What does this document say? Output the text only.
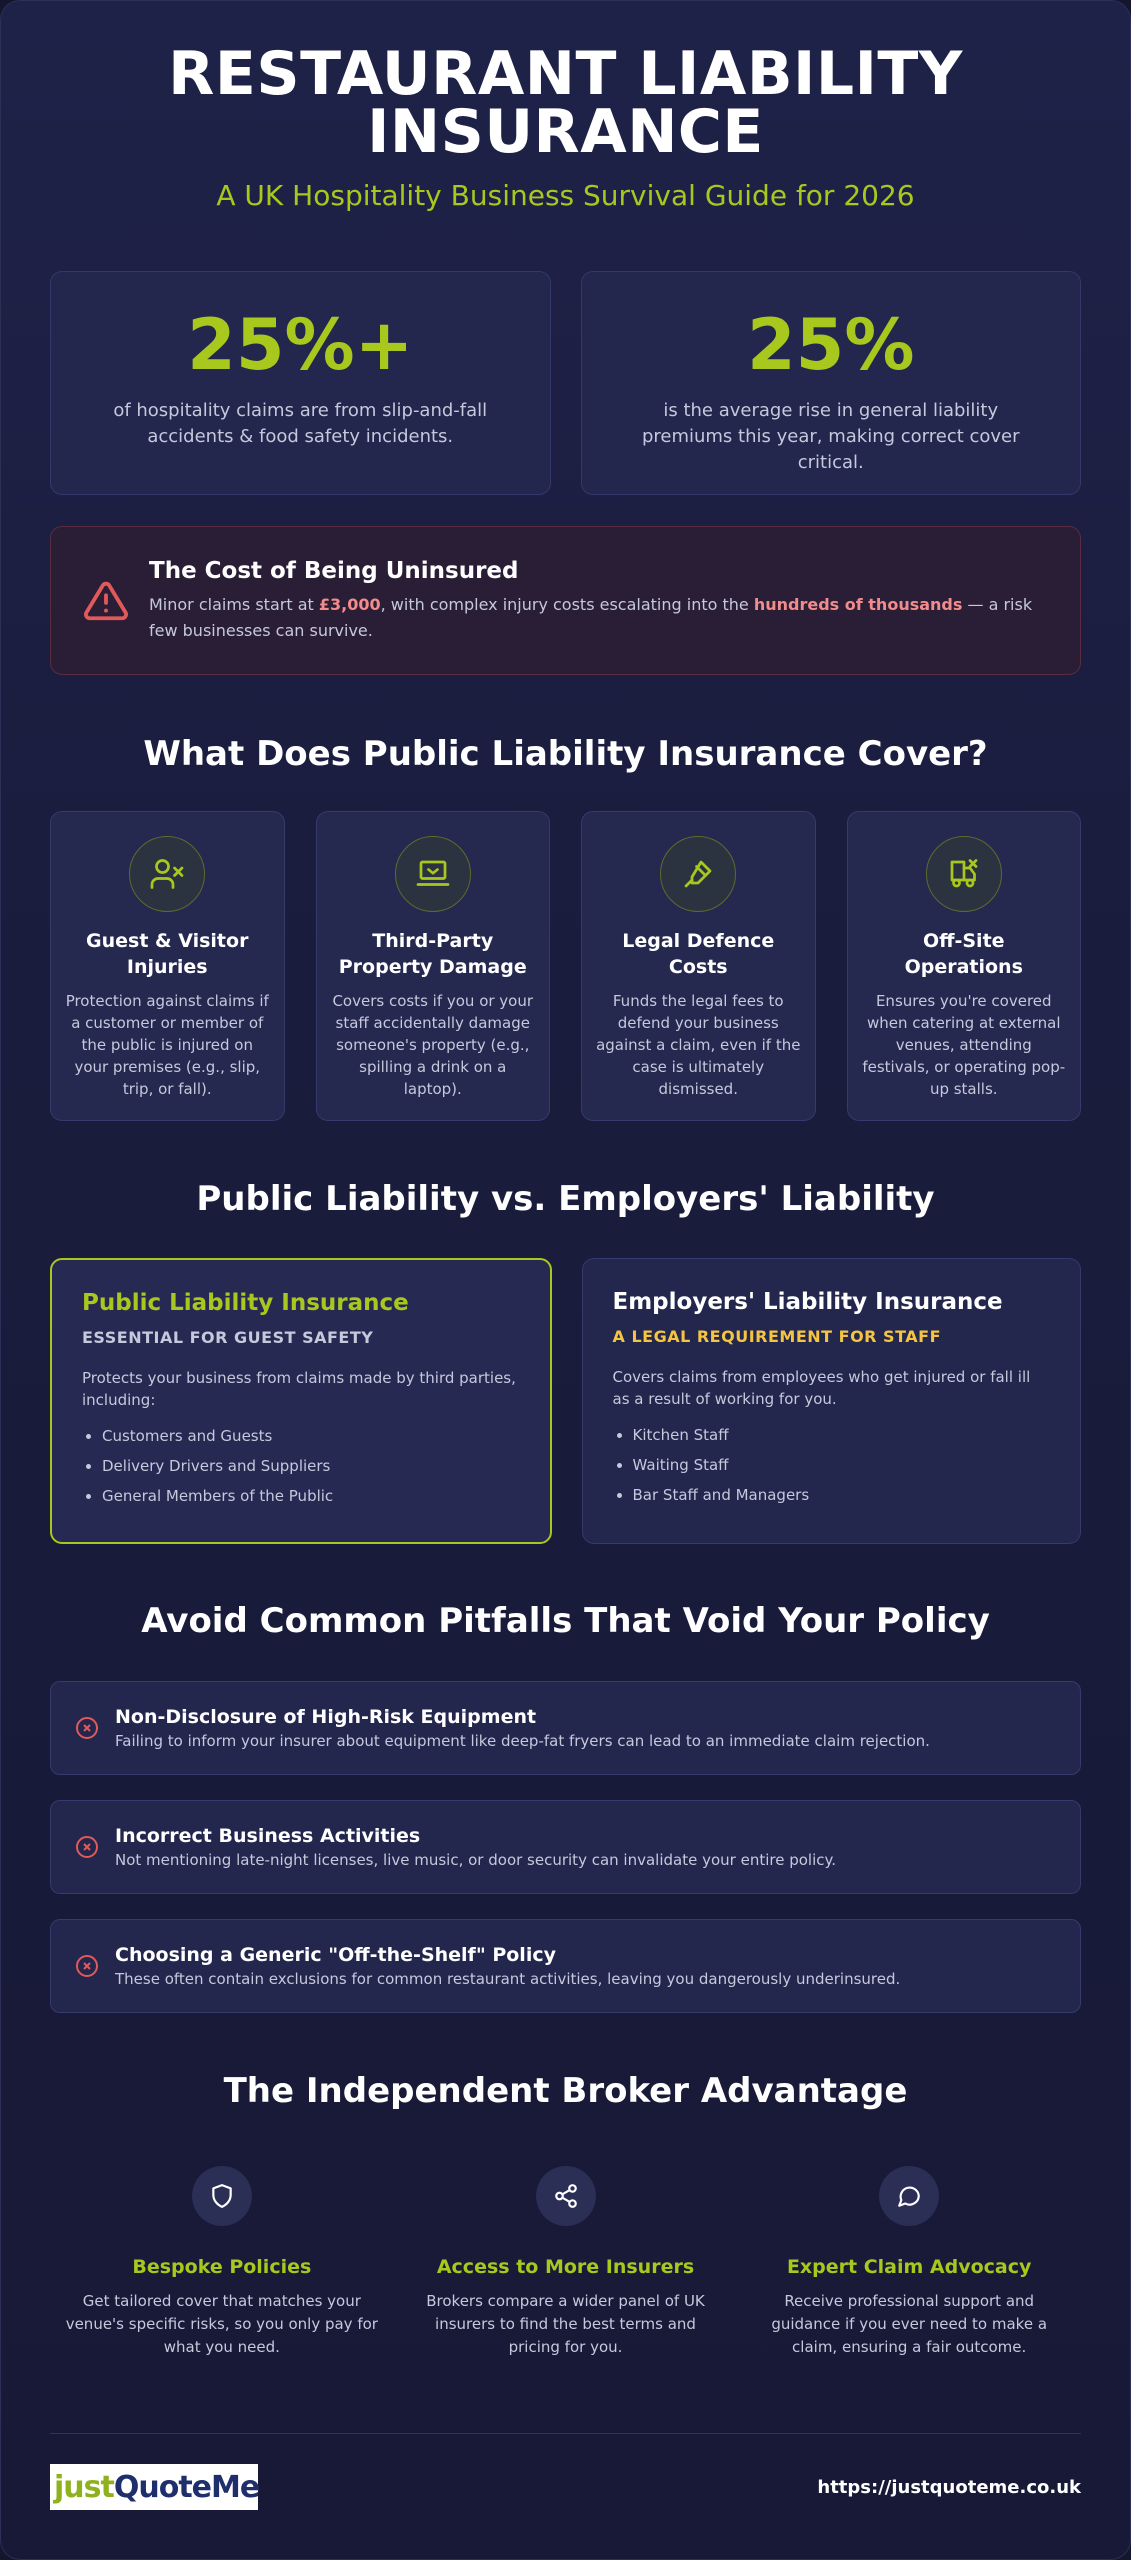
RESTAURANT LIABILITY
INSURANCE
A UK Hospitality Business Survival Guide for 2026
25%+
of hospitality claims are from slip-and-fall accidents & food safety incidents.
25%
is the average rise in general liability premiums this year, making correct cover critical.
The Cost of Being Uninsured

Minor claims start at £3,000, with complex injury costs escalating into the hundreds of thousands — a risk few businesses can survive.

What Does Public Liability Insurance Cover?
Guest & Visitor Injuries

Protection against claims if a customer or member of the public is injured on your premises (e.g., slip, trip, or fall).

Third-Party Property Damage

Covers costs if you or your staff accidentally damage someone's property (e.g., spilling a drink on a laptop).

Legal Defence Costs

Funds the legal fees to defend your business against a claim, even if the case is ultimately dismissed.

Off-Site Operations

Ensures you're covered when catering at external venues, attending festivals, or operating pop-up stalls.

Public Liability vs. Employers' Liability
Public Liability Insurance
ESSENTIAL FOR GUEST SAFETY

Protects your business from claims made by third parties, including:

• Customers and Guests
• Delivery Drivers and Suppliers
• General Members of the Public
Employers' Liability Insurance
A LEGAL REQUIREMENT FOR STAFF

Covers claims from employees who get injured or fall ill as a result of working for you.

• Kitchen Staff
• Waiting Staff
• Bar Staff and Managers
Avoid Common Pitfalls That Void Your Policy
Non-Disclosure of High-Risk Equipment

Failing to inform your insurer about equipment like deep-fat fryers can lead to an immediate claim rejection.

Incorrect Business Activities

Not mentioning late-night licenses, live music, or door security can invalidate your entire policy.

Choosing a Generic "Off-the-Shelf" Policy

These often contain exclusions for common restaurant activities, leaving you dangerously underinsured.

The Independent Broker Advantage
Bespoke Policies

Get tailored cover that matches your venue's specific risks, so you only pay for what you need.

Access to More Insurers

Brokers compare a wider panel of UK insurers to find the best terms and pricing for you.

Expert Claim Advocacy

Receive professional support and guidance if you ever need to make a claim, ensuring a fair outcome.

just QuoteMe	https://justquoteme.co.uk
